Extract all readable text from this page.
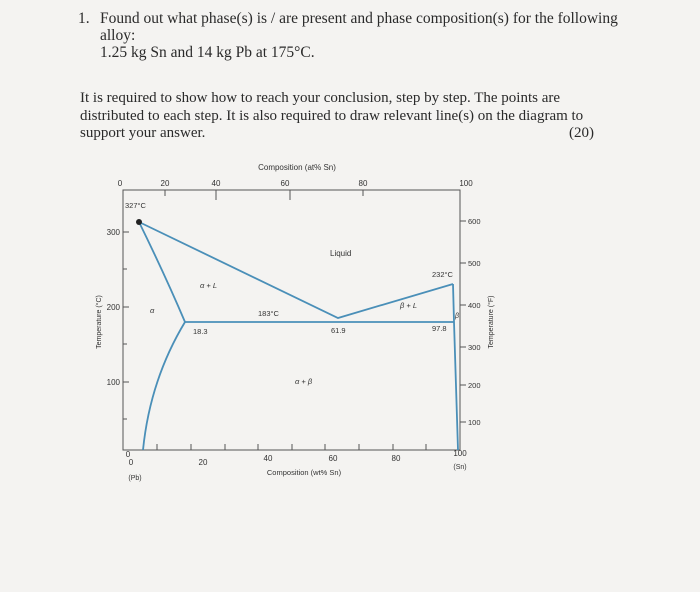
1. Found out what phase(s) is / are present and phase composition(s) for the following
alloy:
1.25 kg Sn and 14 kg Pb at 175°C.
It is required to show how to reach your conclusion, step by step. The points are
distributed to each step. It is also required to draw relevant line(s) on the diagram to
support your answer.	(20)
Composition (at% Sn)
0	20	40	60	80	100
327°C
232°C
183°C
Liquid
α + L
β + L
α
β
α + β
18.3	61.9	97.8
300
200
100
0
Temperature (°C)
600
500
400
300
200
100
Temperature (°F)
0	20	40	60	80
100
(Pb)
(Sn)
Composition (wt% Sn)
